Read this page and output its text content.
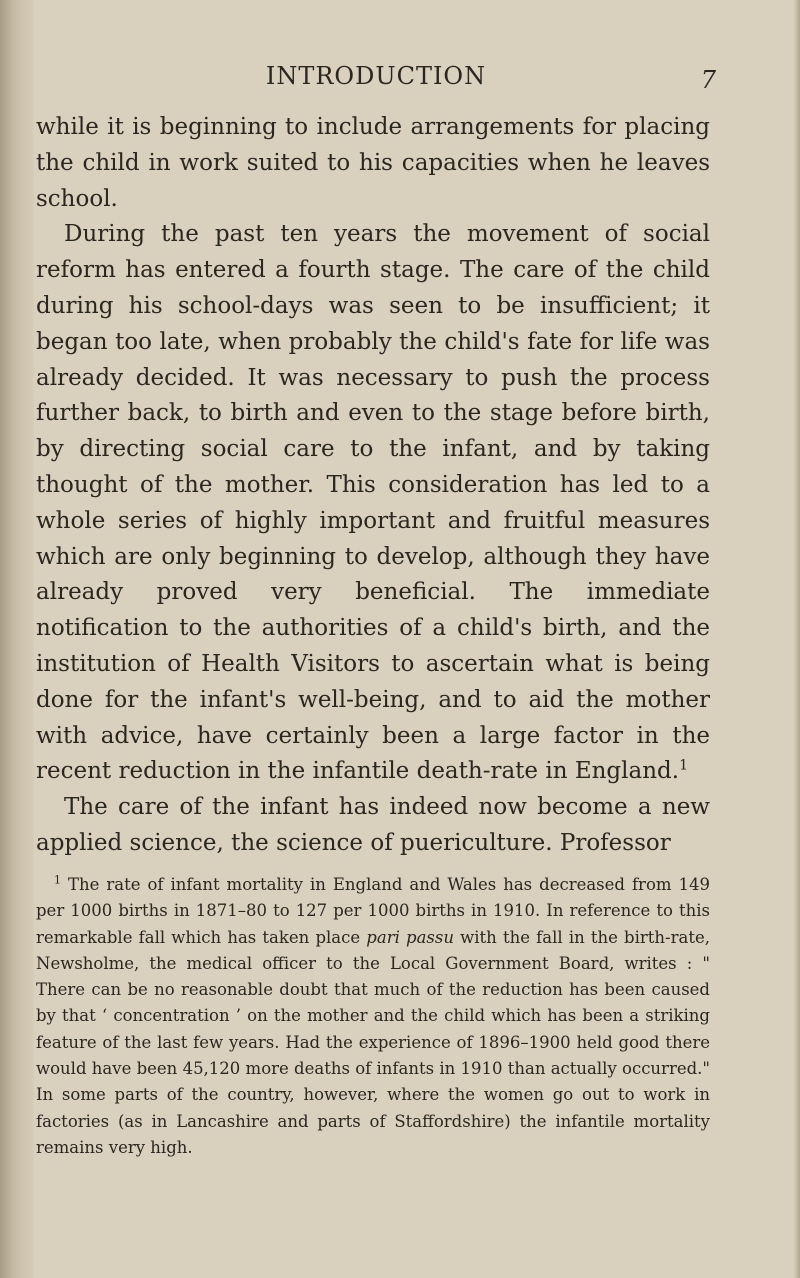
INTRODUCTION	7

while it is beginning to include arrangements for placing the child in work suited to his capacities when he leaves school.

During the past ten years the movement of social reform has entered a fourth stage. The care of the child during his school-days was seen to be insufficient; it began too late, when probably the child's fate for life was already decided. It was necessary to push the process further back, to birth and even to the stage before birth, by directing social care to the infant, and by taking thought of the mother. This consideration has led to a whole series of highly important and fruitful measures which are only beginning to develop, although they have already proved very beneficial. The immediate notification to the authorities of a child's birth, and the institution of Health Visitors to ascertain what is being done for the infant's well-being, and to aid the mother with advice, have certainly been a large factor in the recent reduction in the infantile death-rate in England.$^1$

The care of the infant has indeed now become a new applied science, the science of puericulture. Professor

$^1$ The rate of infant mortality in England and Wales has decreased from 149 per 1000 births in 1871–80 to 127 per 1000 births in 1910. In reference to this remarkable fall which has taken place pari passu with the fall in the birth-rate, Newsholme, the medical officer to the Local Government Board, writes : " There can be no reasonable doubt that much of the reduction has been caused by that ‘ concentration ’ on the mother and the child which has been a striking feature of the last few years. Had the experience of 1896–1900 held good there would have been 45,120 more deaths of infants in 1910 than actually occurred." In some parts of the country, however, where the women go out to work in factories (as in Lancashire and parts of Staffordshire) the infantile mortality remains very high.
